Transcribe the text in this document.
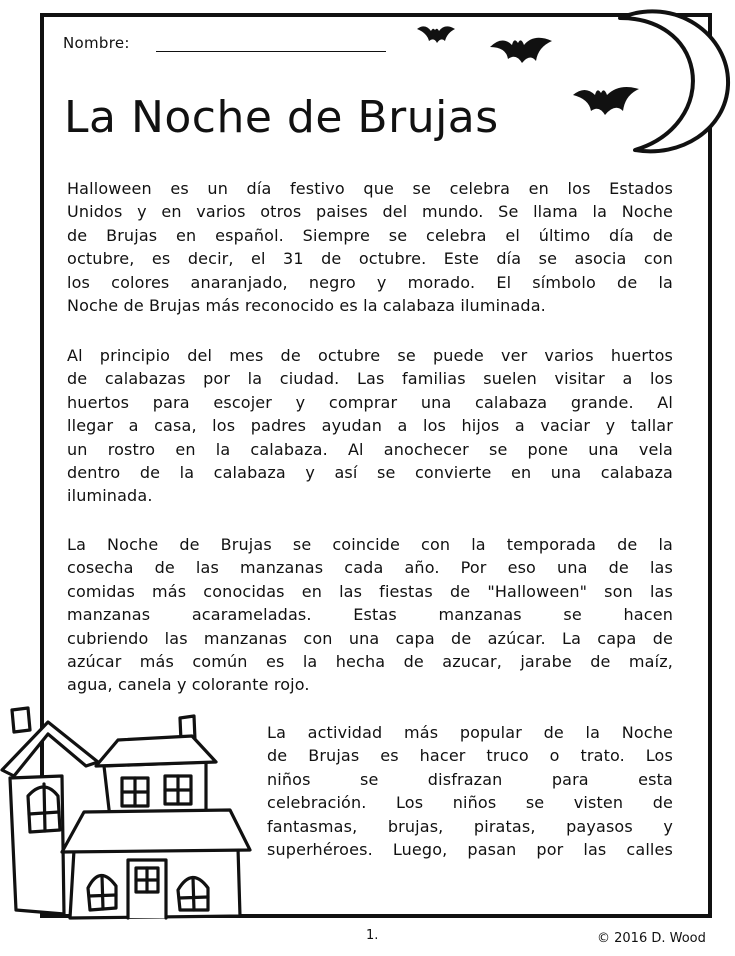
Nombre:
La Noche de Brujas

Halloween es un día festivo que se celebra en los Estados
Unidos y en varios otros paises del mundo. Se llama la Noche
de Brujas en español. Siempre se celebra el último día de
octubre, es decir, el 31 de octubre. Este día se asocia con
los colores anaranjado, negro y morado. El símbolo de la
Noche de Brujas más reconocido es la calabaza iluminada.

Al principio del mes de octubre se puede ver varios huertos
de calabazas por la ciudad. Las familias suelen visitar a los
huertos para escojer y comprar una calabaza grande. Al
llegar a casa, los padres ayudan a los hijos a vaciar y tallar
un rostro en la calabaza. Al anochecer se pone una vela
dentro de la calabaza y así se convierte en una calabaza
iluminada.

La Noche de Brujas se coincide con la temporada de la
cosecha de las manzanas cada año. Por eso una de las
comidas más conocidas en las fiestas de "Halloween" son las
manzanas acarameladas. Estas manzanas se hacen
cubriendo las manzanas con una capa de azúcar. La capa de
azúcar más común es la hecha de azucar, jarabe de maíz,
agua, canela y colorante rojo.

La actividad más popular de la Noche
de Brujas es hacer truco o trato. Los
niños se disfrazan para esta
celebración. Los niños se visten de
fantasmas, brujas, piratas, payasos y
superhéroes. Luego, pasan por las calles

1.	© 2016 D. Wood
